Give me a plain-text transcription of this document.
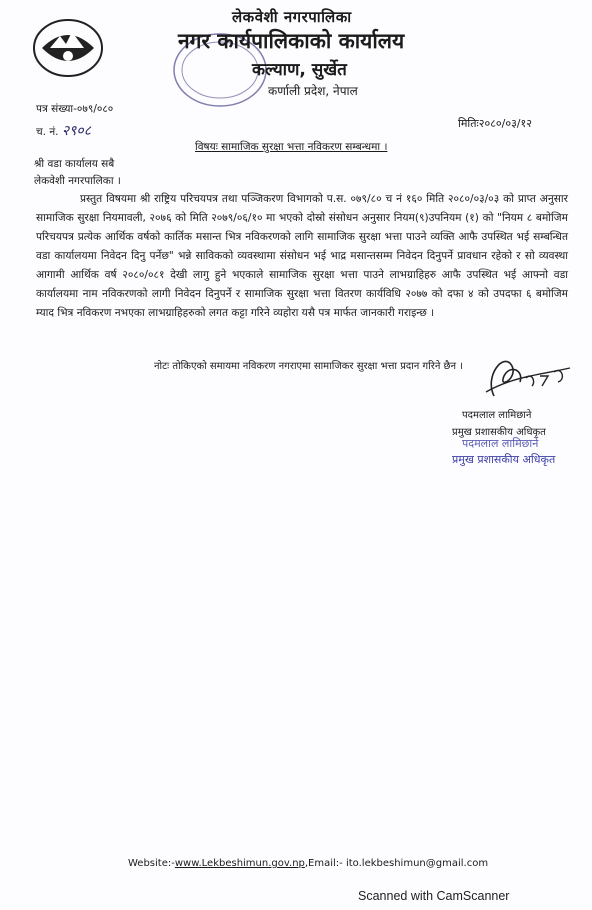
लेकवेशी नगरपालिका
नगर कार्यपालिकाको कार्यालय
कल्याण, सुर्खेत
कर्णाली प्रदेश, नेपाल
पत्र संख्या-०७९/०८०
च. नं. २९०८	मितिः२०८०/०३/१२
विषयः सामाजिक सुरक्षा भत्ता नविकरण सम्बन्धमा ।
श्री वडा कार्यालय सबै
लेकवेशी नगरपालिका ।
प्रस्तुत विषयमा श्री राष्ट्रिय परिचयपत्र तथा पञ्जिकरण विभागको प.स. ०७९/८० च नं १६० मिति २०८०/०३/०३ को प्राप्त अनुसार सामाजिक सुरक्षा नियमावली, २०७६ को मिति २०७९/०६/१० मा भएको दोस्रो संसोधन अनुसार नियम(९)उपनियम (१) को "नियम ८ बमोजिम परिचयपत्र प्रत्येक आर्थिक वर्षको कार्तिक मसान्त भित्र नविकरणको लागि सामाजिक सुरक्षा भत्ता पाउने व्यक्ति आफै उपस्थित भई सम्बन्धित वडा कार्यालयमा निवेदन दिनु पर्नेछ" भन्ने साविकको व्यवस्थामा संसोधन भई भाद्र मसान्तसम्म निवेदन दिनुपर्ने प्रावधान रहेको र सो व्यवस्था आगामी आर्थिक वर्ष २०८०/०८१ देखी लागु हुने भएकाले सामाजिक सुरक्षा भत्ता पाउने लाभग्राहिहरु आफै उपस्थित भई आफ्नो वडा कार्यालयमा नाम नविकरणको लागी निवेदन दिनुपर्ने र सामाजिक सुरक्षा भत्ता वितरण कार्यविधि २०७७ को दफा ४ को उपदफा ६ बमोजिम म्याद भित्र नविकरण नभएका लाभग्राहिहरुको लगत कट्टा गरिने व्यहोरा यसै पत्र मार्फत जानकारी गराइन्छ ।
नोटः तोकिएको समायमा नविकरण नगराएमा सामाजिकर सुरक्षा भत्ता प्रदान गरिने छैन ।
पदमलाल लामिछाने
प्रमुख प्रशासकीय अधिकृत
पदमलाल लामिछाने
प्रमुख प्रशासकीय अधिकृत
Website:-www.Lekbeshimun.gov.np,Email:- ito.lekbeshimun@gmail.com
Scanned with CamScanner
